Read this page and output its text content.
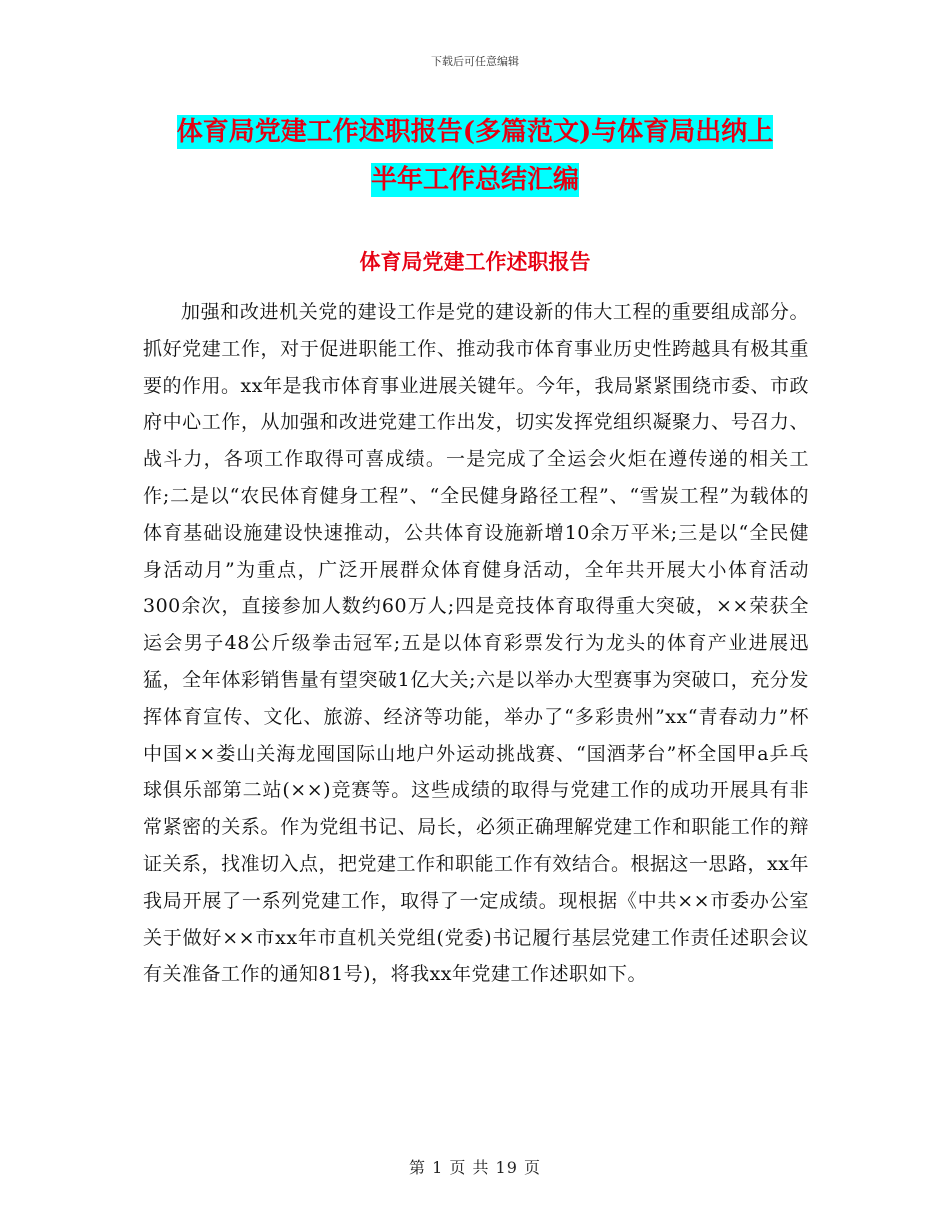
下载后可任意编辑
体育局党建工作述职报告(多篇范文)与体育局出纳上
半年工作总结汇编
体育局党建工作述职报告

加强和改进机关党的建设工作是党的建设新的伟大工程的重要组成部分。抓好党建工作，对于促进职能工作、推动我市体育事业历史性跨越具有极其重要的作用。xx年是我市体育事业进展关键年。今年，我局紧紧围绕市委、市政府中心工作，从加强和改进党建工作出发，切实发挥党组织凝聚力、号召力、战斗力，各项工作取得可喜成绩。一是完成了全运会火炬在遵传递的相关工作;二是以“农民体育健身工程”、“全民健身路径工程”、“雪炭工程”为载体的体育基础设施建设快速推动，公共体育设施新增10余万平米;三是以“全民健身活动月”为重点，广泛开展群众体育健身活动，全年共开展大小体育活动300余次，直接参加人数约60万人;四是竞技体育取得重大突破，××荣获全运会男子48公斤级拳击冠军;五是以体育彩票发行为龙头的体育产业进展迅猛，全年体彩销售量有望突破1亿大关;六是以举办大型赛事为突破口，充分发挥体育宣传、文化、旅游、经济等功能，举办了“多彩贵州”xx“青春动力”杯中国××娄山关海龙囤国际山地户外运动挑战赛、“国酒茅台”杯全国甲a乒乓球俱乐部第二站(××)竞赛等。这些成绩的取得与党建工作的成功开展具有非常紧密的关系。作为党组书记、局长，必须正确理解党建工作和职能工作的辩证关系，找准切入点，把党建工作和职能工作有效结合。根据这一思路，xx年我局开展了一系列党建工作，取得了一定成绩。现根据《中共××市委办公室关于做好××市xx年市直机关党组(党委)书记履行基层党建工作责任述职会议有关准备工作的通知81号)，将我xx年党建工作述职如下。

第 1 页 共 19 页
